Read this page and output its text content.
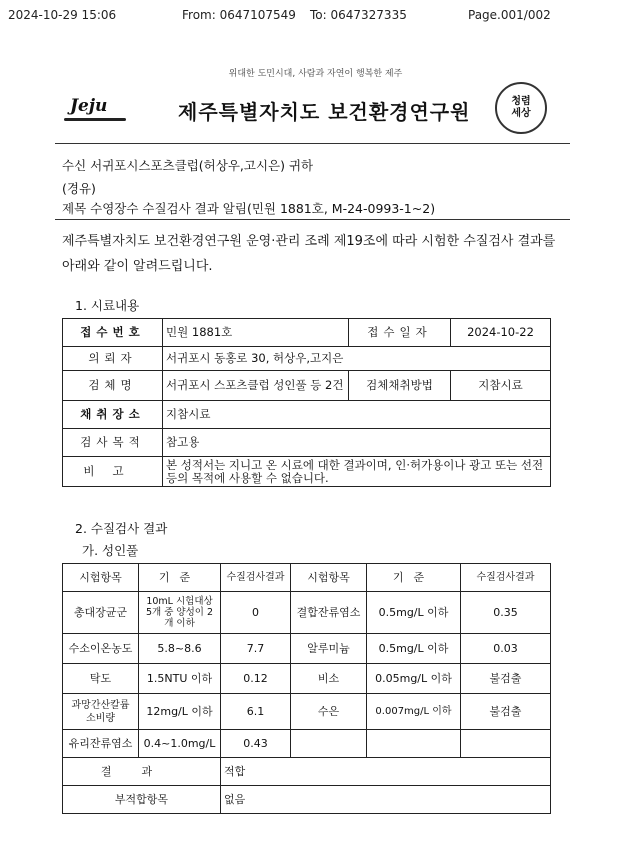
2024-10-29 15:06	From: 0647107549 To: 0647327335	Page.001/002
위대한 도민시대, 사람과 자연이 행복한 제주
Jeju	제주특별자치도 보건환경연구원	청렴
세상
수신 서귀포시스포츠클럽(허상우,고시은) 귀하
(경유)
제목 수영장수 수질검사 결과 알림(민원 1881호, M-24-0993-1~2)
제주특별자치도 보건환경연구원 운영·관리 조례 제19조에 따라 시험한 수질검사 결과를 아래와 같이 알려드립니다.
1. 시료내용
접수번호	민원 1881호	접수일자	2024-10-22
의뢰자	서귀포시 동홍로 30, 허상우,고지은		
검체명	서귀포시 스포츠클럽 성인풀 등 2건	검체채취방법	지참시료
채취장소	지참시료		
검사목적	참고용		
비고	본 성적서는 지니고 온 시료에 대한 결과이며, 인·허가용이나 광고 또는 선전 등의 목적에 사용할 수 없습니다.		
2. 수질검사 결과
가. 성인풀
시험항목	기준	수질검사결과	시험항목	기준	수질검사결과
총대장균군	10mL 시험대상 5개 중 양성이 2개 이하	0	결합잔류염소	0.5mg/L 이하	0.35
수소이온농도	5.8~8.6	7.7	알루미늄	0.5mg/L 이하	0.03
탁도	1.5NTU 이하	0.12	비소	0.05mg/L 이하	불검출
과망간산칼륨 소비량	12mg/L 이하	6.1	수은	0.007mg/L 이하	불검출
유리잔류염소	0.4~1.0mg/L	0.43			
결과		적합			
부적합항목		없음			
